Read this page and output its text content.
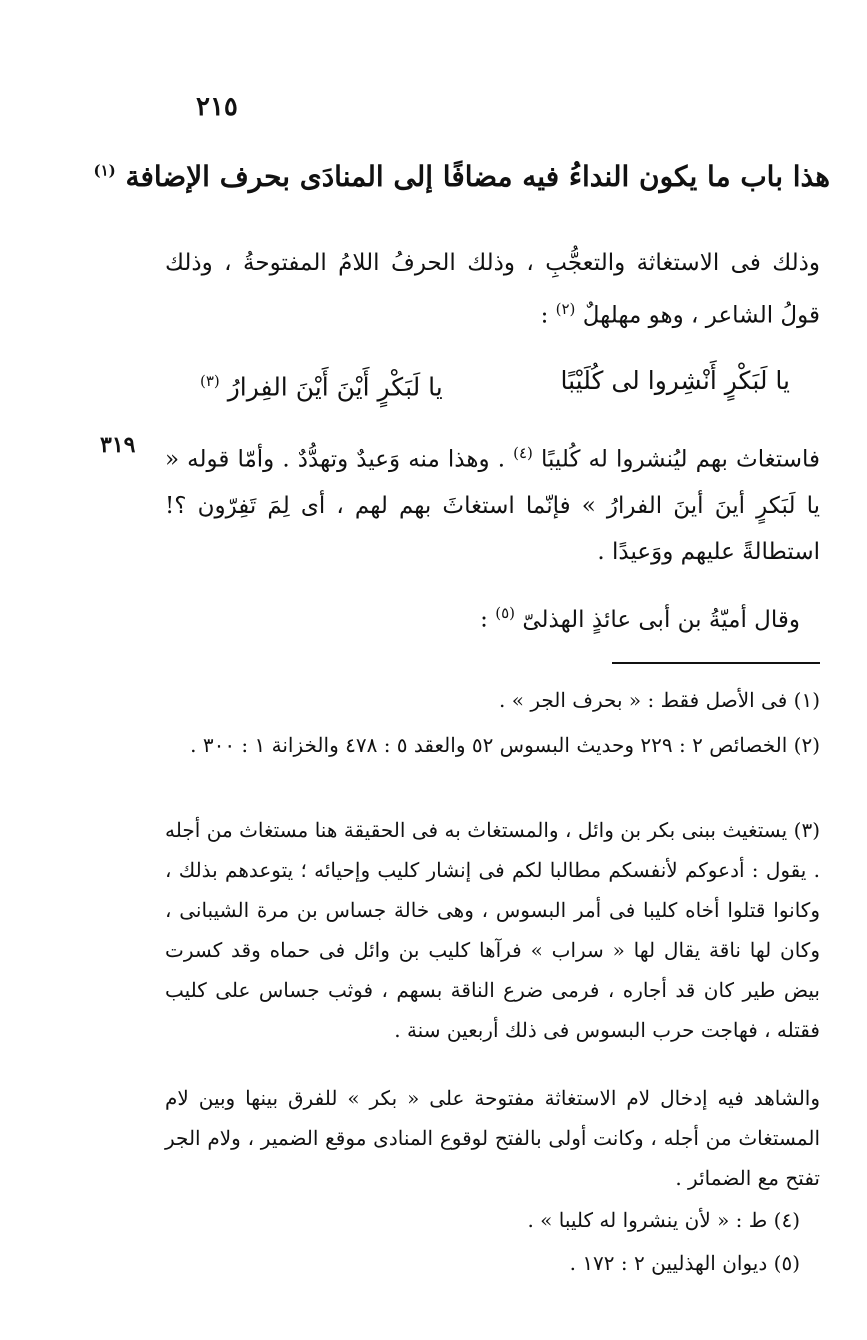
٢١٥
هذا باب ما يكون النداءُ فيه مضافًا إلى المنادَى بحرف الإضافة $^{(١)}$
وذلك فى الاستغاثة والتعجُّبِ ، وذلك الحرفُ اللامُ المفتوحةُ ، وذلك قولُ الشاعر ، وهو مهلهلٌ $^{(٢)}$ :
يا لَبَكْرٍ أَنْشِروا لى كُلَيْبًا
يا لَبَكْرٍ أَيْنَ أَيْنَ الفِرارُ $^{(٣)}$
٣١٩
فاستغاث بهم ليُنشروا له كُليبًا $^{(٤)}$ . وهذا منه وَعيدٌ وتهدُّدٌ . وأمّا قوله « يا لَبَكرٍ أينَ أينَ الفرارُ » فإنّما استغاثَ بهم لهم ، أى لِمَ تَفِرّون ؟! استطالةً عليهم ووَعيدًا .
وقال أميّةُ بن أبى عائذٍ الهذلىّ $^{(٥)}$ :
(١) فى الأصل فقط : « بحرف الجر » .
(٢) الخصائص ٢ : ٢٢٩ وحديث البسوس ٥٢ والعقد ٥ : ٤٧٨ والخزانة ١ : ٣٠٠ .
(٣) يستغيث ببنى بكر بن وائل ، والمستغاث به فى الحقيقة هنا مستغاث من أجله . يقول : أدعوكم لأنفسكم مطالبا لكم فى إنشار كليب وإحيائه ؛ يتوعدهم بذلك ، وكانوا قتلوا أخاه كليبا فى أمر البسوس ، وهى خالة جساس بن مرة الشيبانى ، وكان لها ناقة يقال لها « سراب » فرآها كليب بن وائل فى حماه وقد كسرت بيض طير كان قد أجاره ، فرمى ضرع الناقة بسهم ، فوثب جساس على كليب فقتله ، فهاجت حرب البسوس فى ذلك أربعين سنة .
والشاهد فيه إدخال لام الاستغاثة مفتوحة على « بكر » للفرق بينها وبين لام المستغاث من أجله ، وكانت أولى بالفتح لوقوع المنادى موقع الضمير ، ولام الجر تفتح مع الضمائر .
(٤) ط : « لأن ينشروا له كليبا » .
(٥) ديوان الهذليين ٢ : ١٧٢ .
